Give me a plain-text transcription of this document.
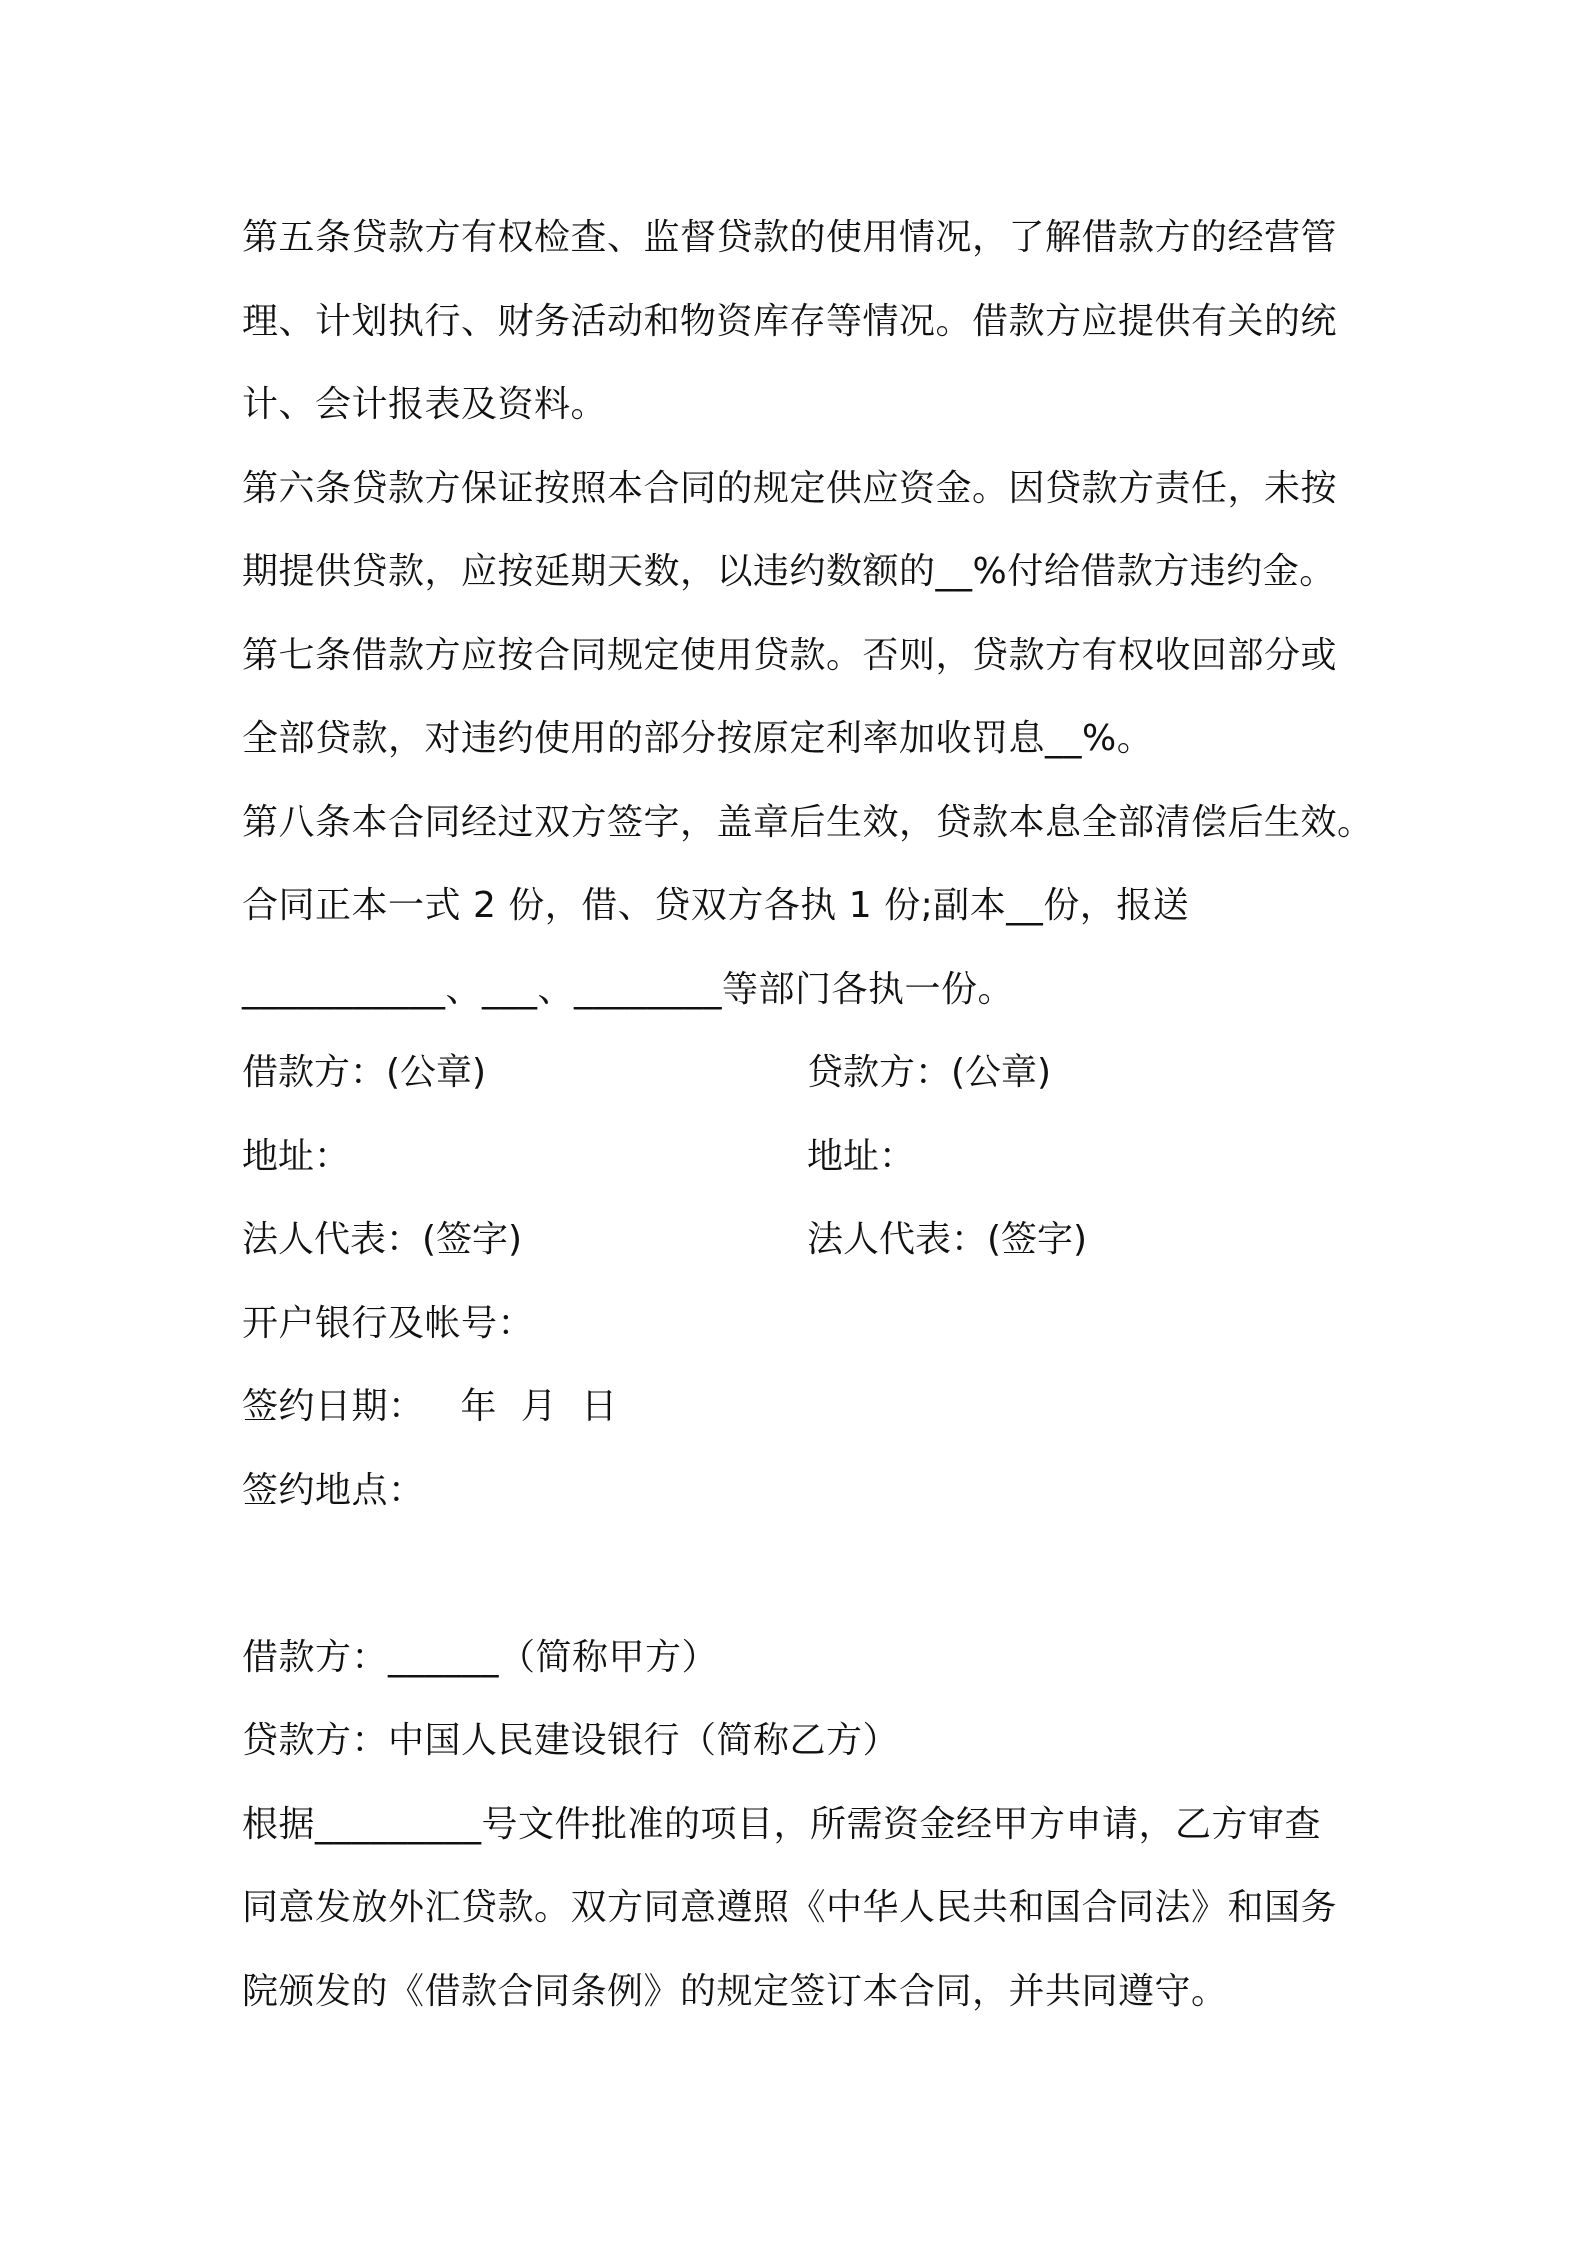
第五条贷款方有权检查、监督贷款的使用情况，了解借款方的经营管
理、计划执行、财务活动和物资库存等情况。借款方应提供有关的统
计、会计报表及资料。
第六条贷款方保证按照本合同的规定供应资金。因贷款方责任，未按
期提供贷款，应按延期天数，以违约数额的__%付给借款方违约金。
第七条借款方应按合同规定使用贷款。否则，贷款方有权收回部分或
全部贷款，对违约使用的部分按原定利率加收罚息__%。
第八条本合同经过双方签字，盖章后生效，贷款本息全部清偿后生效。
合同正本一式 2 份，借、贷双方各执 1 份;副本__份，报送
___________、___、________等部门各执一份。
借款方：(公章)	贷款方：(公章)
地址：	地址：
法人代表：(签字)	法人代表：(签字)
开户银行及帐号：
签约日期：   年  月  日
签约地点：
借款方：______（简称甲方）
贷款方：中国人民建设银行（简称乙方）
根据_________号文件批准的项目，所需资金经甲方申请，乙方审查
同意发放外汇贷款。双方同意遵照《中华人民共和国合同法》和国务
院颁发的《借款合同条例》的规定签订本合同，并共同遵守。
